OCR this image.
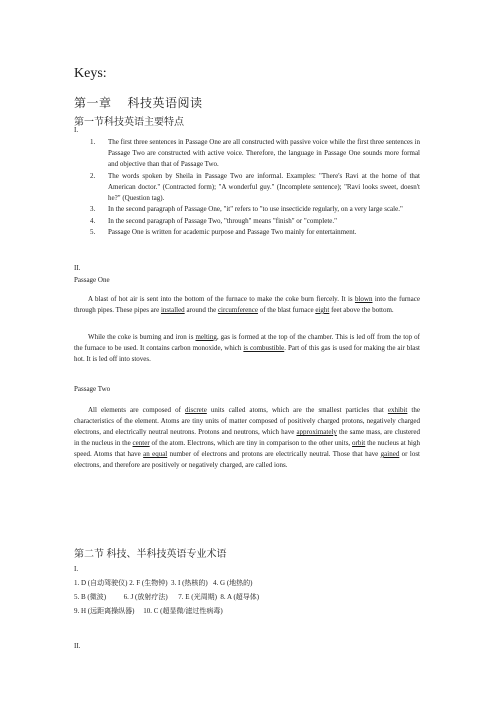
Keys:
第一章　 科技英语阅读
第一节科技英语主要特点
I.
1. The first three sentences in Passage One are all constructed with passive voice while the first three sentences in Passage Two are constructed with active voice. Therefore, the language in Passage One sounds more formal and objective than that of Passage Two.
2. The words spoken by Sheila in Passage Two are informal. Examples: "There's Ravi at the home of that American doctor." (Contracted form); "A wonderful guy." (Incomplete sentence); "Ravi looks sweet, doesn't he?" (Question tag).
3. In the second paragraph of Passage One, "it" refers to "to use insecticide regularly, on a very large scale."
4. In the second paragraph of Passage Two, "through" means "finish" or "complete."
5. Passage One is written for academic purpose and Passage Two mainly for entertainment.
II.
Passage One

A blast of hot air is sent into the bottom of the furnace to make the coke burn fiercely. It is blown into the furnace through pipes. These pipes are installed around the circumference of the blast furnace eight feet above the bottom.

While the coke is burning and iron is melting, gas is formed at the top of the chamber. This is led off from the top of the furnace to be used. It contains carbon monoxide, which is combustible. Part of this gas is used for making the air blast hot. It is led off into stoves.

Passage Two

All elements are composed of discrete units called atoms, which are the smallest particles that exhibit the characteristics of the element. Atoms are tiny units of matter composed of positively charged protons, negatively charged electrons, and electrically neutral neutrons. Protons and neutrons, which have approximately the same mass, are clustered in the nucleus in the center of the atom. Electrons, which are tiny in comparison to the other units, orbit the nucleus at high speed. Atoms that have an equal number of electrons and protons are electrically neutral. Those that have gained or lost electrons, and therefore are positively or negatively charged, are called ions.

第二节 科技、半科技英语专业术语
I.
1. D (自动驾驶仪) 2. F (生物钟)  3. I (热核的)   4. G (地热的)
5. B (微波)          6. J (放射疗法)      7. E (光周期)  8. A (超导体)
9. H (远距离操纵器)     10. C (超显微/滤过性病毒)
II.
